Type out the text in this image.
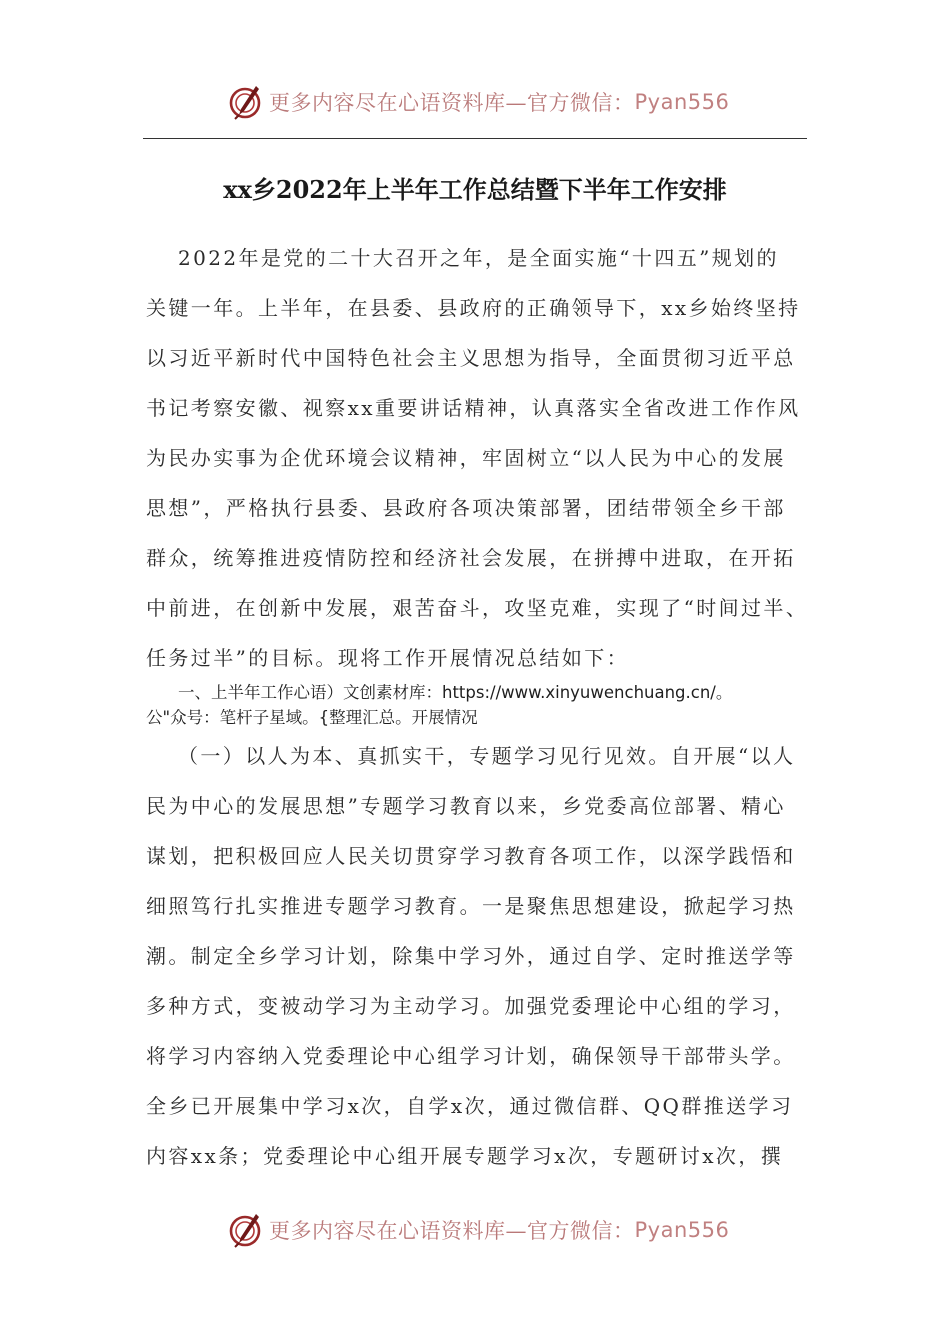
更多内容尽在心语资料库—官方微信： Pyan556
xx乡2022年上半年工作总结暨下半年工作安排
2022年是党的二十大召开之年，是全面实施“十四五”规划的
关键一年。上半年，在县委、县政府的正确领导下，xx乡始终坚持
以习近平新时代中国特色社会主义思想为指导，全面贯彻习近平总
书记考察安徽、视察xx重要讲话精神，认真落实全省改进工作作风
为民办实事为企优环境会议精神，牢固树立“以人民为中心的发展
思想”，严格执行县委、县政府各项决策部署，团结带领全乡干部
群众，统筹推进疫情防控和经济社会发展，在拼搏中进取，在开拓
中前进，在创新中发展，艰苦奋斗，攻坚克难，实现了“时间过半、
任务过半”的目标。现将工作开展情况总结如下：
一、上半年工作心语）文创素材库：https://www.xinyuwenchuang.cn/。
公"众号：笔杆子星域。{整理汇总。开展情况
（一）以人为本、真抓实干，专题学习见行见效。自开展“以人
民为中心的发展思想”专题学习教育以来，乡党委高位部署、精心
谋划，把积极回应人民关切贯穿学习教育各项工作，以深学践悟和
细照笃行扎实推进专题学习教育。一是聚焦思想建设，掀起学习热
潮。制定全乡学习计划，除集中学习外，通过自学、定时推送学等
多种方式，变被动学习为主动学习。加强党委理论中心组的学习，
将学习内容纳入党委理论中心组学习计划，确保领导干部带头学。
全乡已开展集中学习x次，自学x次，通过微信群、QQ群推送学习
内容xx条；党委理论中心组开展专题学习x次，专题研讨x次，撰
更多内容尽在心语资料库—官方微信： Pyan556
